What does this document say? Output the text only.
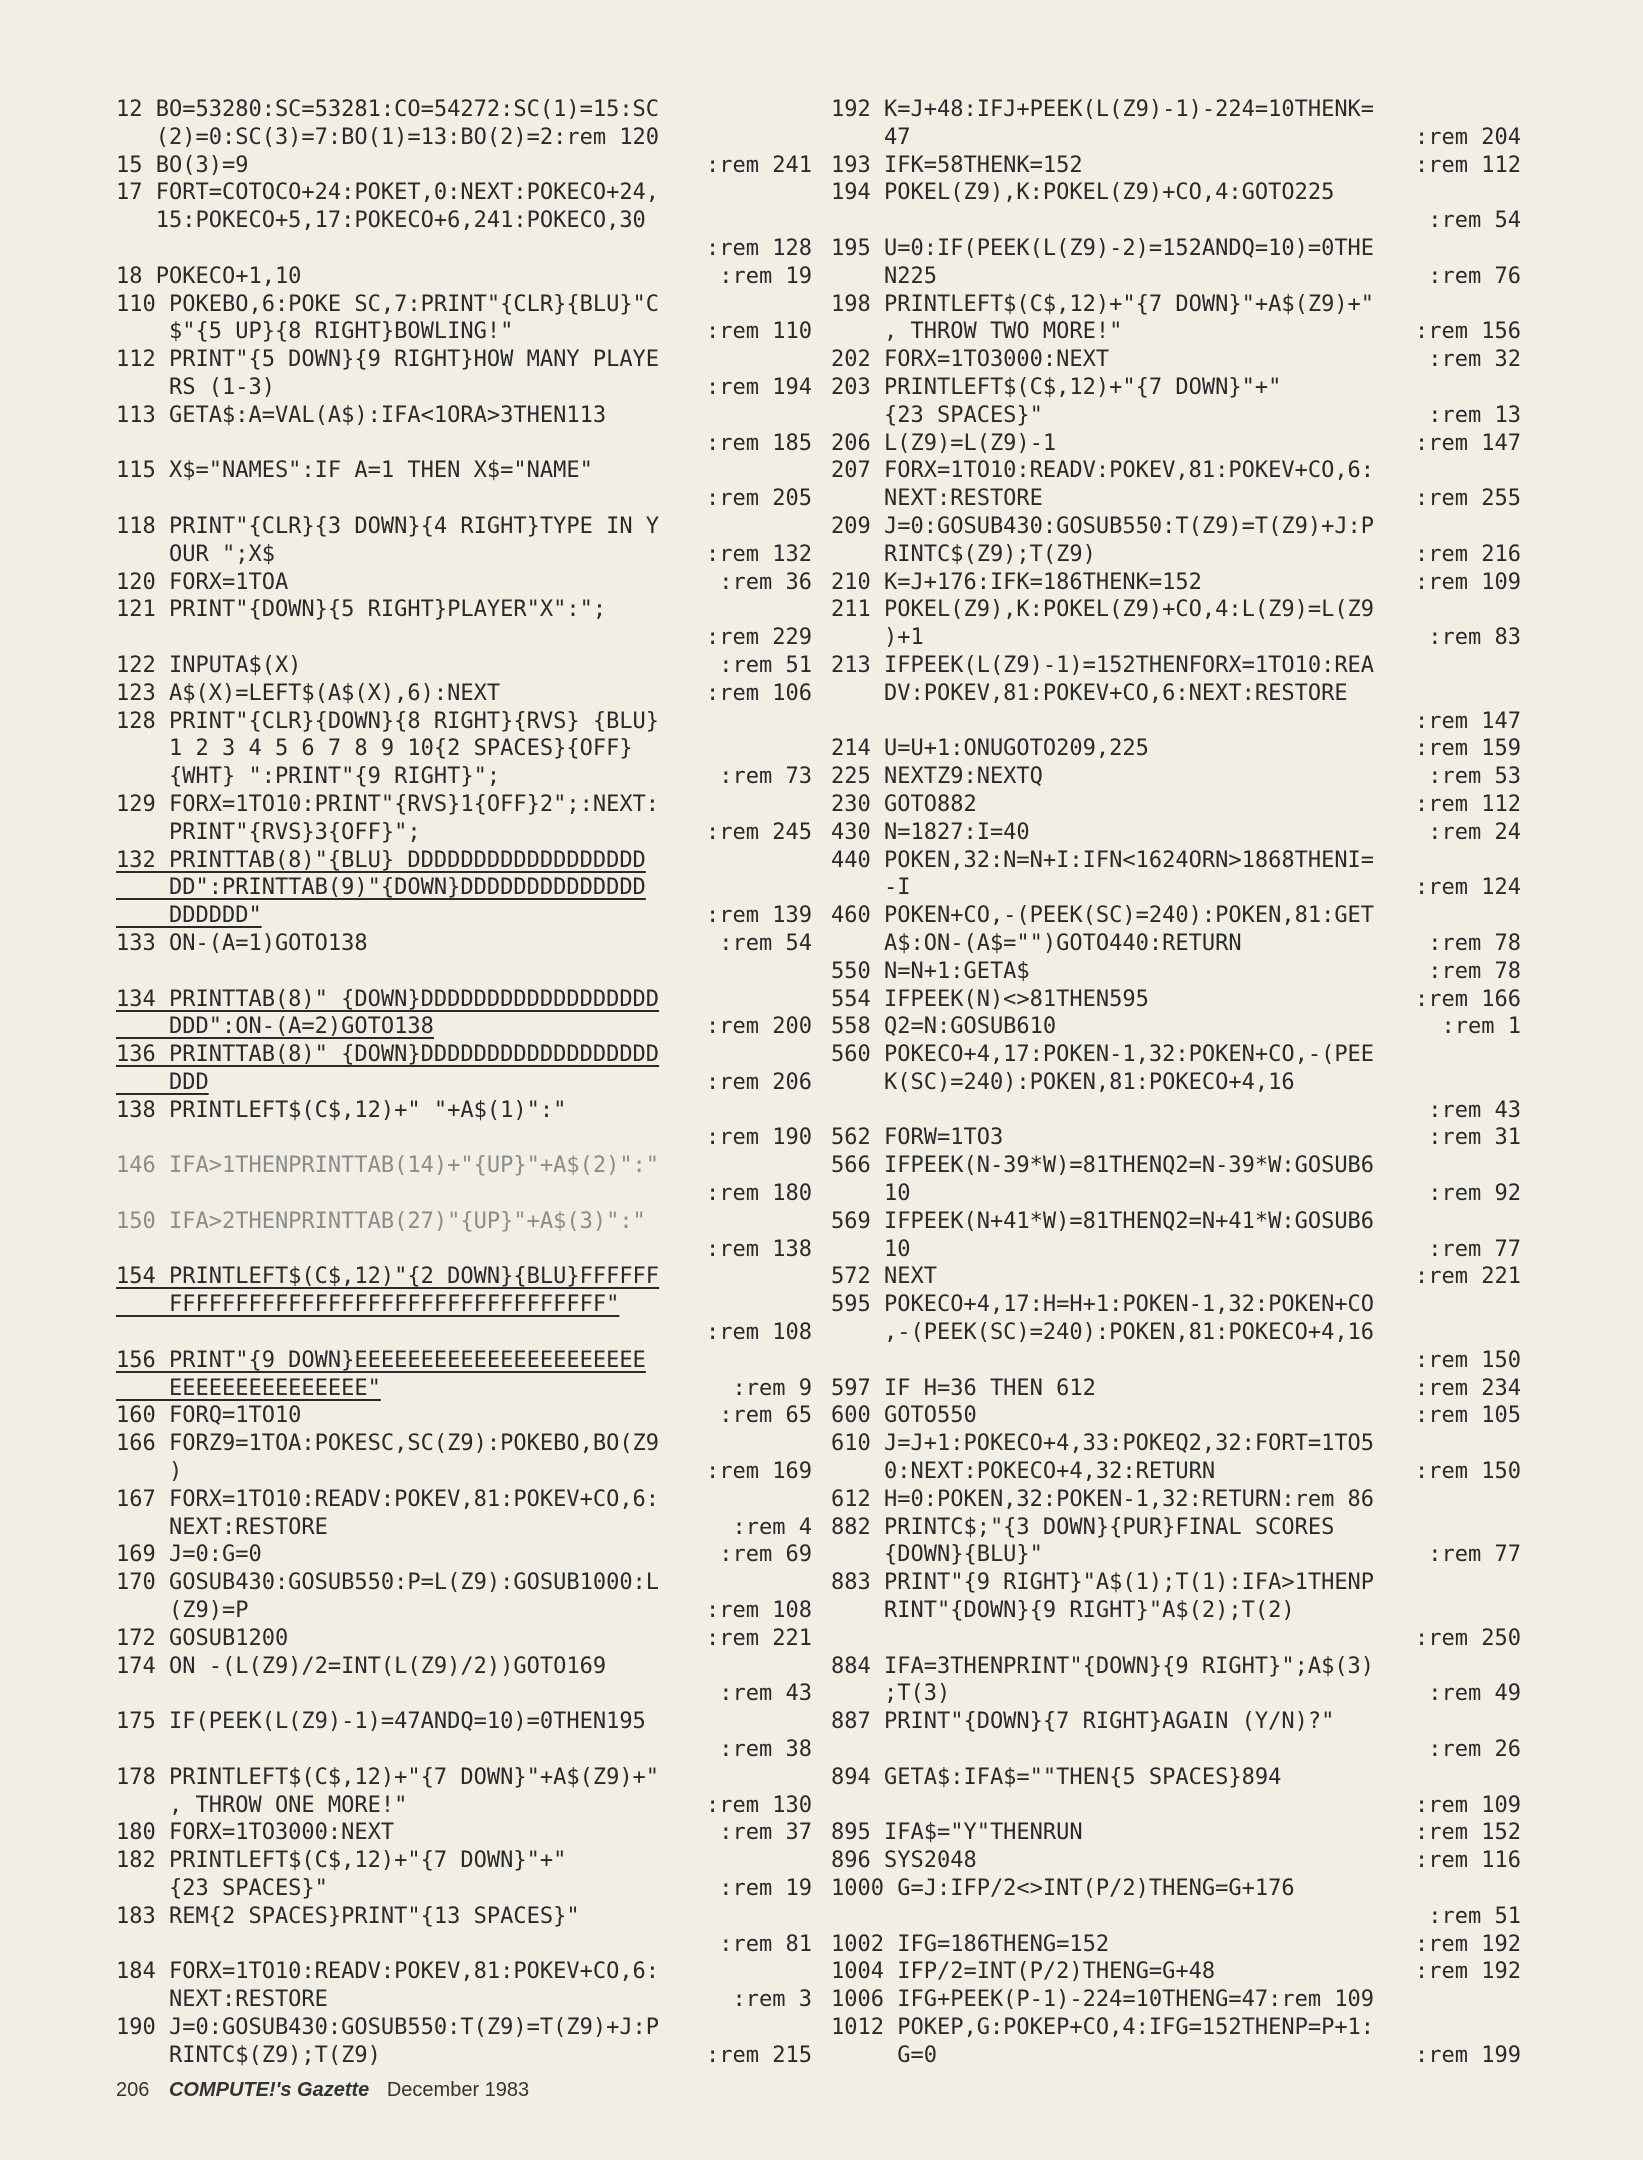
12 BO=53280:SC=53281:CO=54272:SC(1)=15:SC
(2)=0:SC(3)=7:BO(1)=13:BO(2)=2:rem 120
15 BO(3)=9	:rem 241
17 FORT=COTOCO+24:POKET,0:NEXT:POKECO+24,
15:POKECO+5,17:POKECO+6,241:POKECO,30
:rem 128
18 POKECO+1,10	:rem 19
110 POKEBO,6:POKE SC,7:PRINT"{CLR}{BLU}"C
$"{5 UP}{8 RIGHT}BOWLING!"	:rem 110
112 PRINT"{5 DOWN}{9 RIGHT}HOW MANY PLAYE
RS (1-3)	:rem 194
113 GETA$:A=VAL(A$):IFA<1ORA>3THEN113
:rem 185
115 X$="NAMES":IF A=1 THEN X$="NAME"
:rem 205
118 PRINT"{CLR}{3 DOWN}{4 RIGHT}TYPE IN Y
OUR ";X$	:rem 132
120 FORX=1TOA	:rem 36
121 PRINT"{DOWN}{5 RIGHT}PLAYER"X":";
:rem 229
122 INPUTA$(X)	:rem 51
123 A$(X)=LEFT$(A$(X),6):NEXT	:rem 106
128 PRINT"{CLR}{DOWN}{8 RIGHT}{RVS} {BLU}
1 2 3 4 5 6 7 8 9 10{2 SPACES}{OFF}
{WHT} ":PRINT"{9 RIGHT}";	:rem 73
129 FORX=1TO10:PRINT"{RVS}1{OFF}2";:NEXT:
PRINT"{RVS}3{OFF}";	:rem 245
132 PRINTTAB(8)"{BLU} DDDDDDDDDDDDDDDDDD
DD":PRINTTAB(9)"{DOWN}DDDDDDDDDDDDDD
DDDDDD"	:rem 139
133 ON-(A=1)GOTO138	:rem 54
134 PRINTTAB(8)" {DOWN}DDDDDDDDDDDDDDDDDD
DDD":ON-(A=2)GOTO138	:rem 200
136 PRINTTAB(8)" {DOWN}DDDDDDDDDDDDDDDDDD
DDD	:rem 206
138 PRINTLEFT$(C$,12)+" "+A$(1)":"
:rem 190
146 IFA>1THENPRINTTAB(14)+"{UP}"+A$(2)":"
:rem 180
150 IFA>2THENPRINTTAB(27)"{UP}"+A$(3)":"
:rem 138
154 PRINTLEFT$(C$,12)"{2 DOWN}{BLU}FFFFFF
FFFFFFFFFFFFFFFFFFFFFFFFFFFFFFFFF"
:rem 108
156 PRINT"{9 DOWN}EEEEEEEEEEEEEEEEEEEEEE
EEEEEEEEEEEEEEE"	:rem 9
160 FORQ=1TO10	:rem 65
166 FORZ9=1TOA:POKESC,SC(Z9):POKEBO,BO(Z9
)	:rem 169
167 FORX=1TO10:READV:POKEV,81:POKEV+CO,6:
NEXT:RESTORE	:rem 4
169 J=0:G=0	:rem 69
170 GOSUB430:GOSUB550:P=L(Z9):GOSUB1000:L
(Z9)=P	:rem 108
172 GOSUB1200	:rem 221
174 ON -(L(Z9)/2=INT(L(Z9)/2))GOTO169
:rem 43
175 IF(PEEK(L(Z9)-1)=47ANDQ=10)=0THEN195
:rem 38
178 PRINTLEFT$(C$,12)+"{7 DOWN}"+A$(Z9)+"
, THROW ONE MORE!"	:rem 130
180 FORX=1TO3000:NEXT	:rem 37
182 PRINTLEFT$(C$,12)+"{7 DOWN}"+"
{23 SPACES}"	:rem 19
183 REM{2 SPACES}PRINT"{13 SPACES}"
:rem 81
184 FORX=1TO10:READV:POKEV,81:POKEV+CO,6:
NEXT:RESTORE	:rem 3
190 J=0:GOSUB430:GOSUB550:T(Z9)=T(Z9)+J:P
RINTC$(Z9);T(Z9)	:rem 215
192 K=J+48:IFJ+PEEK(L(Z9)-1)-224=10THENK=
47	:rem 204
193 IFK=58THENK=152	:rem 112
194 POKEL(Z9),K:POKEL(Z9)+CO,4:GOTO225
:rem 54
195 U=0:IF(PEEK(L(Z9)-2)=152ANDQ=10)=0THE
N225	:rem 76
198 PRINTLEFT$(C$,12)+"{7 DOWN}"+A$(Z9)+"
, THROW TWO MORE!"	:rem 156
202 FORX=1TO3000:NEXT	:rem 32
203 PRINTLEFT$(C$,12)+"{7 DOWN}"+"
{23 SPACES}"	:rem 13
206 L(Z9)=L(Z9)-1	:rem 147
207 FORX=1TO10:READV:POKEV,81:POKEV+CO,6:
NEXT:RESTORE	:rem 255
209 J=0:GOSUB430:GOSUB550:T(Z9)=T(Z9)+J:P
RINTC$(Z9);T(Z9)	:rem 216
210 K=J+176:IFK=186THENK=152	:rem 109
211 POKEL(Z9),K:POKEL(Z9)+CO,4:L(Z9)=L(Z9
)+1	:rem 83
213 IFPEEK(L(Z9)-1)=152THENFORX=1TO10:REA
DV:POKEV,81:POKEV+CO,6:NEXT:RESTORE
:rem 147
214 U=U+1:ONUGOTO209,225	:rem 159
225 NEXTZ9:NEXTQ	:rem 53
230 GOTO882	:rem 112
430 N=1827:I=40	:rem 24
440 POKEN,32:N=N+I:IFN<1624ORN>1868THENI=
-I	:rem 124
460 POKEN+CO,-(PEEK(SC)=240):POKEN,81:GET
A$:ON-(A$="")GOTO440:RETURN	:rem 78
550 N=N+1:GETA$	:rem 78
554 IFPEEK(N)<>81THEN595	:rem 166
558 Q2=N:GOSUB610	:rem 1
560 POKECO+4,17:POKEN-1,32:POKEN+CO,-(PEE
K(SC)=240):POKEN,81:POKECO+4,16
:rem 43
562 FORW=1TO3	:rem 31
566 IFPEEK(N-39*W)=81THENQ2=N-39*W:GOSUB6
10	:rem 92
569 IFPEEK(N+41*W)=81THENQ2=N+41*W:GOSUB6
10	:rem 77
572 NEXT	:rem 221
595 POKECO+4,17:H=H+1:POKEN-1,32:POKEN+CO
,-(PEEK(SC)=240):POKEN,81:POKECO+4,16
:rem 150
597 IF H=36 THEN 612	:rem 234
600 GOTO550	:rem 105
610 J=J+1:POKECO+4,33:POKEQ2,32:FORT=1TO5
0:NEXT:POKECO+4,32:RETURN	:rem 150
612 H=0:POKEN,32:POKEN-1,32:RETURN:rem 86
882 PRINTC$;"{3 DOWN}{PUR}FINAL SCORES
{DOWN}{BLU}"	:rem 77
883 PRINT"{9 RIGHT}"A$(1);T(1):IFA>1THENP
RINT"{DOWN}{9 RIGHT}"A$(2);T(2)
:rem 250
884 IFA=3THENPRINT"{DOWN}{9 RIGHT}";A$(3)
;T(3)	:rem 49
887 PRINT"{DOWN}{7 RIGHT}AGAIN (Y/N)?"
:rem 26
894 GETA$:IFA$=""THEN{5 SPACES}894
:rem 109
895 IFA$="Y"THENRUN	:rem 152
896 SYS2048	:rem 116
1000 G=J:IFP/2<>INT(P/2)THENG=G+176
:rem 51
1002 IFG=186THENG=152	:rem 192
1004 IFP/2=INT(P/2)THENG=G+48	:rem 192
1006 IFG+PEEK(P-1)-224=10THENG=47:rem 109
1012 POKEP,G:POKEP+CO,4:IFG=152THENP=P+1:
G=0	:rem 199
206 COMPUTE!'s Gazette December 1983
